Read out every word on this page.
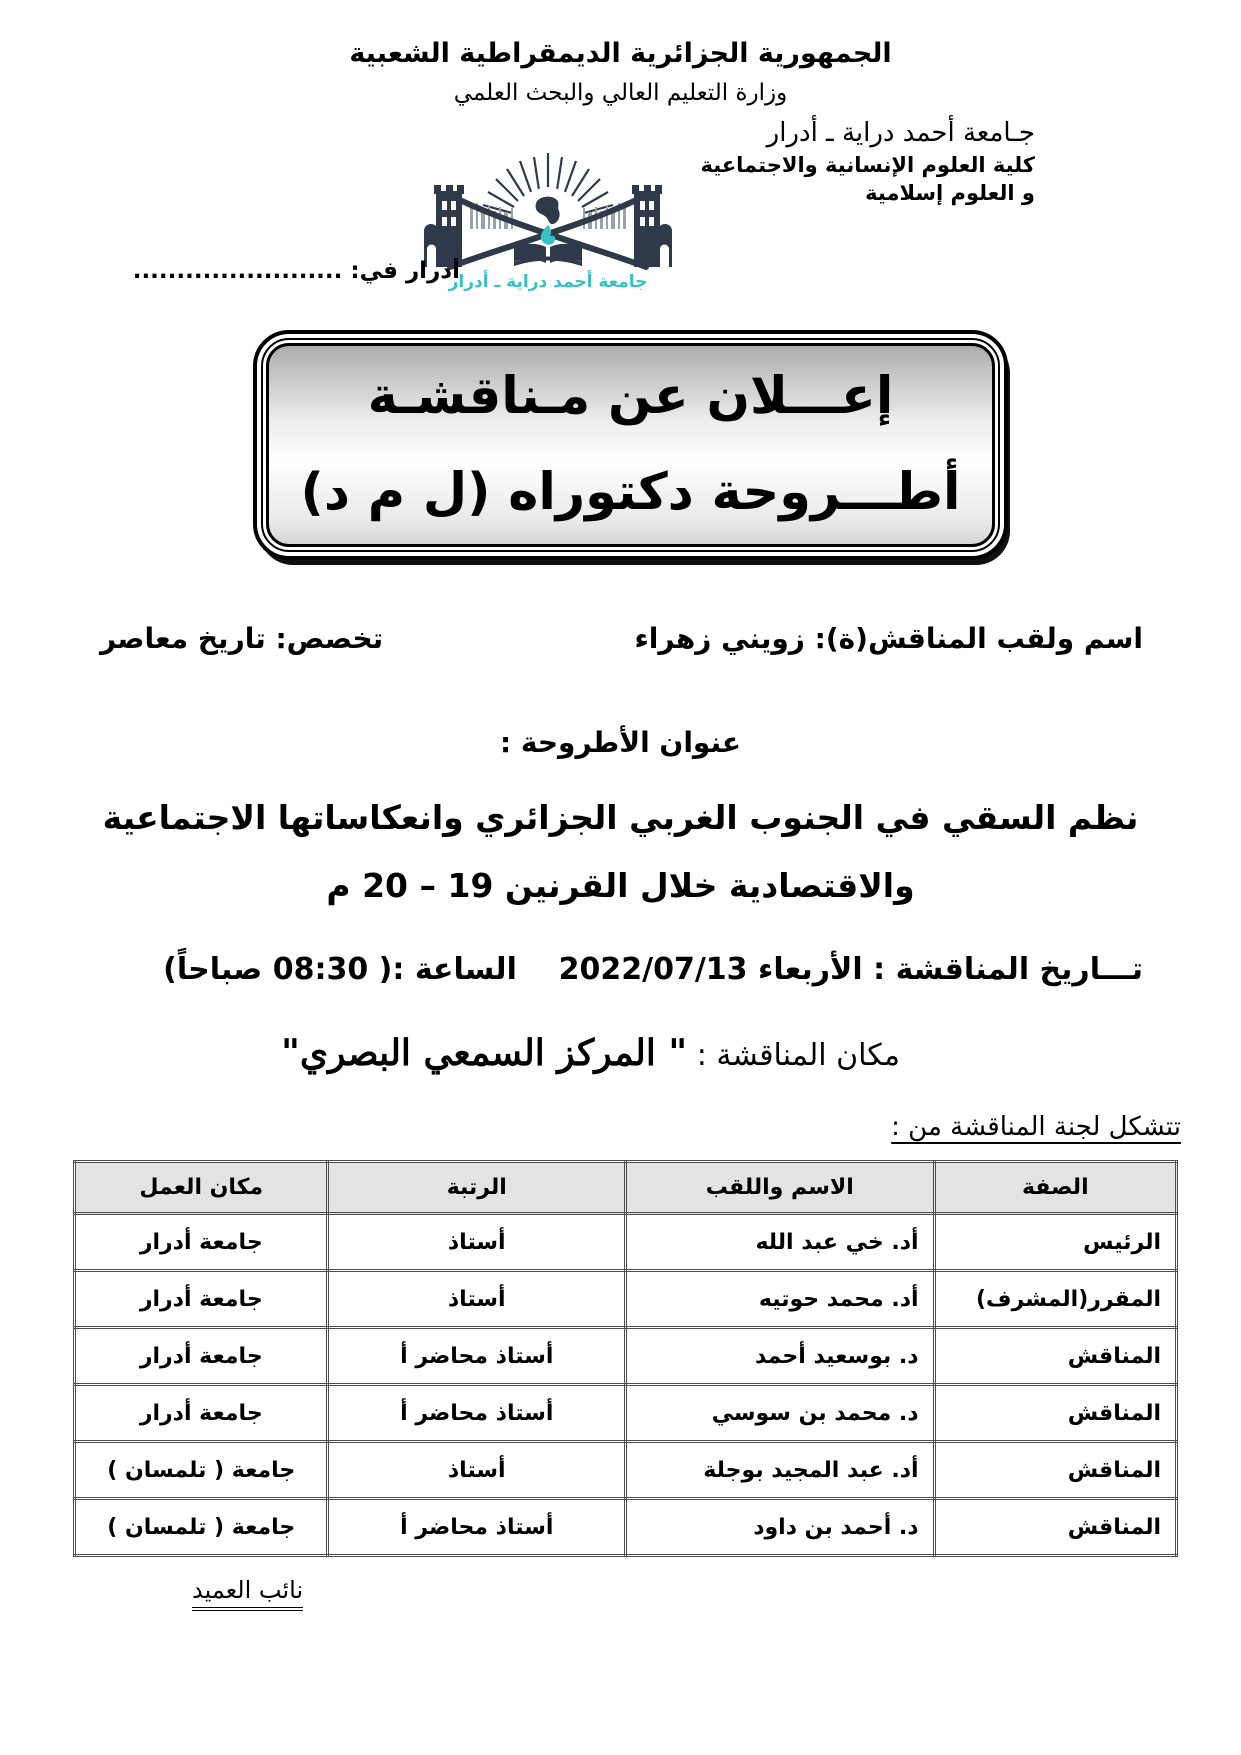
الجمهورية الجزائرية الديمقراطية الشعبية
وزارة التعليم العالي والبحث العلمي
جـامعة أحمد دراية ـ أدرار
كلية العلوم الإنسانية والاجتماعية
و العلوم إسلامية
جامعة أحمد دراية ـ أدرار
أدرار في: ........................
إعـــلان عن مـناقشـة
أطـــروحة دكتوراه (ل م د)
اسم ولقب المناقش(ة): زويني زهراء
تخصص: تاريخ معاصر
عنوان الأطروحة :
نظم السقي في الجنوب الغربي الجزائري وانعكاساتها الاجتماعية
والاقتصادية خلال القرنين 19 – 20 م
تـــاريخ المناقشة : الأربعاء 2022/07/13    الساعة :( 08:30 صباحاً)
مكان المناقشة : " المركز السمعي البصري"
تتشكل لجنة المناقشة من :
الصفة	الاسم واللقب	الرتبة	مكان العمل
الرئيس	أد. خي عبد الله	أستاذ	جامعة أدرار
المقرر(المشرف)	أد. محمد حوتيه	أستاذ	جامعة أدرار
المناقش	د. بوسعيد أحمد	أستاذ محاضر أ	جامعة أدرار
المناقش	د. محمد بن سوسي	أستاذ محاضر أ	جامعة أدرار
المناقش	أد. عبد المجيد بوجلة	أستاذ	جامعة ( تلمسان )
المناقش	د. أحمد بن داود	أستاذ محاضر أ	جامعة ( تلمسان )
نائب العميد
